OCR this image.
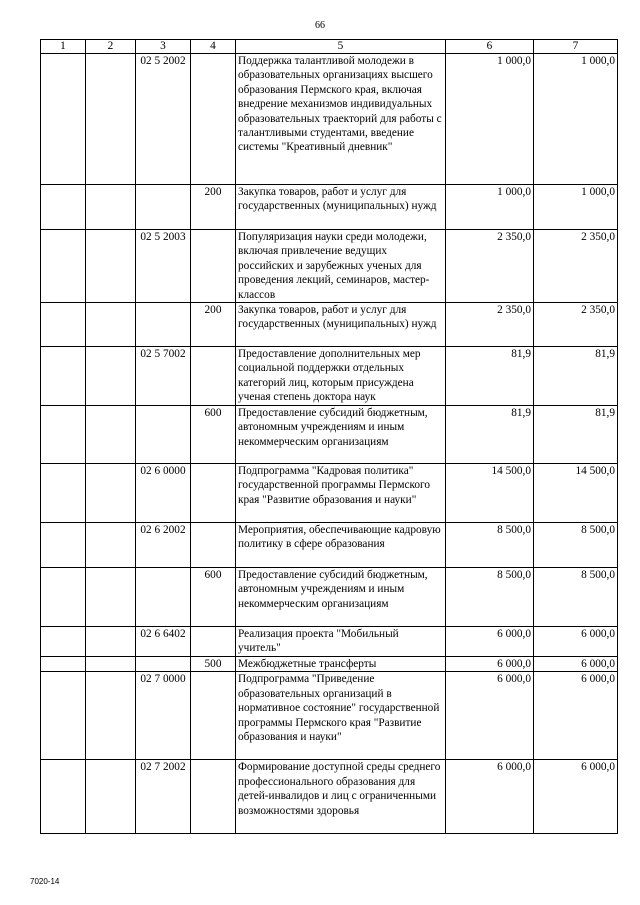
66
1	2	3	4	5	6	7
		02 5 2002		Поддержка талантливой молодежи в образовательных организациях высшего образования Пермского края, включая внедрение механизмов индивидуальных образовательных траекторий для работы с талантливыми студентами, введение системы "Креативный дневник"	1 000,0	1 000,0
			200	Закупка товаров, работ и услуг для государственных (муниципальных) нужд	1 000,0	1 000,0
		02 5 2003		Популяризация науки среди молодежи, включая привлечение ведущих российских и зарубежных ученых для проведения лекций, семинаров, мастер-классов	2 350,0	2 350,0
			200	Закупка товаров, работ и услуг для государственных (муниципальных) нужд	2 350,0	2 350,0
		02 5 7002		Предоставление дополнительных мер социальной поддержки отдельных категорий лиц, которым присуждена ученая степень доктора наук	81,9	81,9
			600	Предоставление субсидий бюджетным, автономным учреждениям и иным некоммерческим организациям	81,9	81,9
		02 6 0000		Подпрограмма "Кадровая политика" государственной программы Пермского края "Развитие образования и науки"	14 500,0	14 500,0
		02 6 2002		Мероприятия, обеспечивающие кадровую политику в сфере образования	8 500,0	8 500,0
			600	Предоставление субсидий бюджетным, автономным учреждениям и иным некоммерческим организациям	8 500,0	8 500,0
		02 6 6402		Реализация проекта "Мобильный учитель"	6 000,0	6 000,0
			500	Межбюджетные трансферты	6 000,0	6 000,0
		02 7 0000		Подпрограмма "Приведение образовательных организаций в нормативное состояние" государственной программы Пермского края "Развитие образования и науки"	6 000,0	6 000,0
		02 7 2002		Формирование доступной среды среднего профессионального образования для детей-инвалидов и лиц с ограниченными возможностями здоровья	6 000,0	6 000,0
7020-14
